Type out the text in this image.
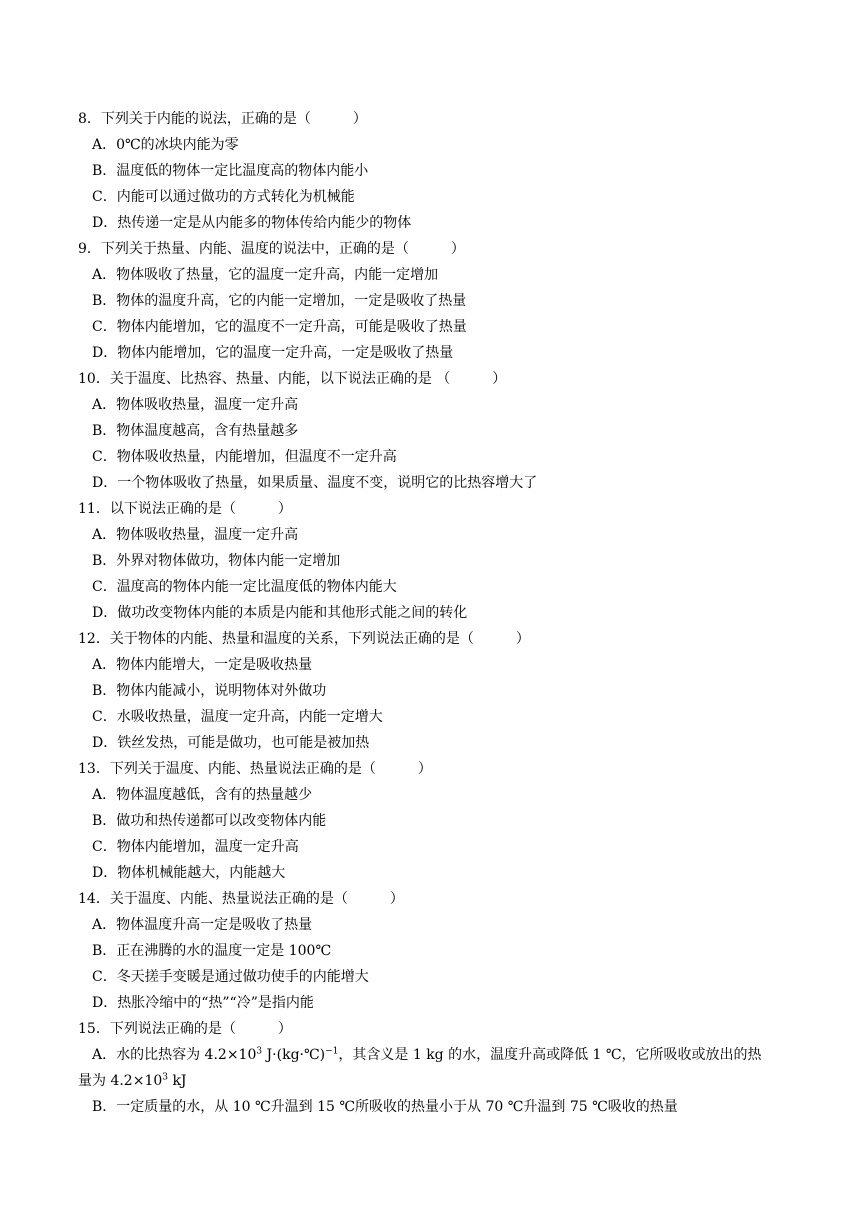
8．下列关于内能的说法，正确的是（　　　）
A．0℃的冰块内能为零
B．温度低的物体一定比温度高的物体内能小
C．内能可以通过做功的方式转化为机械能
D．热传递一定是从内能多的物体传给内能少的物体
9．下列关于热量、内能、温度的说法中，正确的是（　　　）
A．物体吸收了热量，它的温度一定升高，内能一定增加
B．物体的温度升高，它的内能一定增加，一定是吸收了热量
C．物体内能增加，它的温度不一定升高，可能是吸收了热量
D．物体内能增加，它的温度一定升高，一定是吸收了热量
10．关于温度、比热容、热量、内能，以下说法正确的是 （　　　）
A．物体吸收热量，温度一定升高
B．物体温度越高，含有热量越多
C．物体吸收热量，内能增加，但温度不一定升高
D．一个物体吸收了热量，如果质量、温度不变，说明它的比热容增大了
11．以下说法正确的是（　　　）
A．物体吸收热量，温度一定升高
B．外界对物体做功，物体内能一定增加
C．温度高的物体内能一定比温度低的物体内能大
D．做功改变物体内能的本质是内能和其他形式能之间的转化
12．关于物体的内能、热量和温度的关系，下列说法正确的是（　　　）
A．物体内能增大，一定是吸收热量
B．物体内能减小，说明物体对外做功
C．水吸收热量，温度一定升高，内能一定增大
D．铁丝发热，可能是做功，也可能是被加热
13．下列关于温度、内能、热量说法正确的是（　　　）
A．物体温度越低，含有的热量越少
B．做功和热传递都可以改变物体内能
C．物体内能增加，温度一定升高
D．物体机械能越大，内能越大
14．关于温度、内能、热量说法正确的是（　　　）
A．物体温度升高一定是吸收了热量
B．正在沸腾的水的温度一定是 100℃
C．冬天搓手变暖是通过做功使手的内能增大
D．热胀冷缩中的“热”“冷”是指内能
15．下列说法正确的是（　　　）
A．水的比热容为 $4.2\times 10^3$ J·(kg·℃)$^{-1}$，其含义是 1 kg 的水，温度升高或降低 1 ℃，它所吸收或放出的热
量为 $4.2\times 10^3$ kJ
B．一定质量的水，从 10 ℃升温到 15 ℃所吸收的热量小于从 70 ℃升温到 75 ℃吸收的热量
